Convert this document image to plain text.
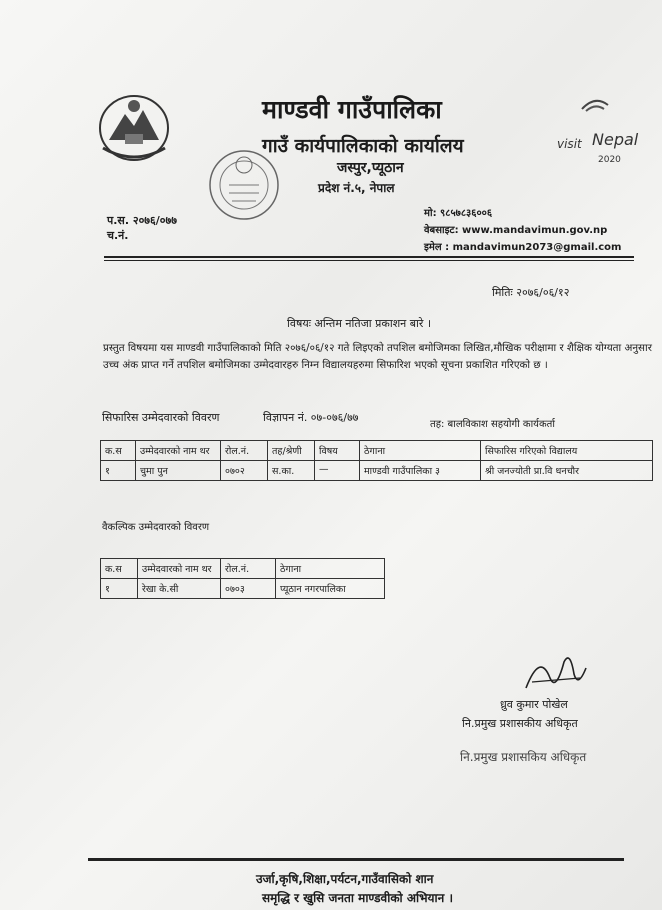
माण्डवी गाउँपालिका
गाउँ कार्यपालिकाको कार्यालय
जस्पुर,प्यूठान
प्रदेश नं.५, नेपाल
visit Nepal
2020
प.स. २०७६/०७७
च.नं.
मो: ९८५७८३६००६
वेबसाइट: www.mandavimun.gov.np
इमेल : mandavimun2073@gmail.com
मितिः २०७६/०६/१२
विषयः अन्तिम नतिजा प्रकाशन बारे ।
प्रस्तुत विषयमा यस माण्डवी गाउँपालिकाको मिति २०७६/०६/१२ गते लिइएको तपशिल बमोजिमका लिखित,मौखिक परीक्षामा र शैक्षिक योग्यता अनुसार उच्च अंक प्राप्त गर्ने तपशिल बमोजिमका उम्मेदवारहरु निम्न विद्यालयहरुमा सिफारिश भएको सूचना प्रकाशित गरिएको छ ।
सिफारिस उम्मेदवारको विवरण	विज्ञापन नं. ०७-०७६/७७
तह: बालविकाश सहयोगी कार्यकर्ता
क.स	उम्मेदवारको नाम थर	रोल.नं.	तह/श्रेणी	विषय	ठेगाना	सिफारिस गरिएको विद्यालय
१	चुमा पुन	०७०२	स.का.	—	माण्डवी गाउँपालिका ३	श्री जनज्योती प्रा.वि धनचौर
वैकल्पिक उम्मेदवारको विवरण
क.स	उम्मेदवारको नाम थर	रोल.नं.	ठेगाना
१	रेखा के.सी	०७०३	प्यूठान नगरपालिका
ध्रुव कुमार पोखेल
नि.प्रमुख प्रशासकीय अधिकृत
नि.प्रमुख प्रशासकिय अधिकृत
उर्जा,कृषि,शिक्षा,पर्यटन,गाउँवासिको शान
समृद्धि र खुसि जनता माण्डवीको अभियान ।
